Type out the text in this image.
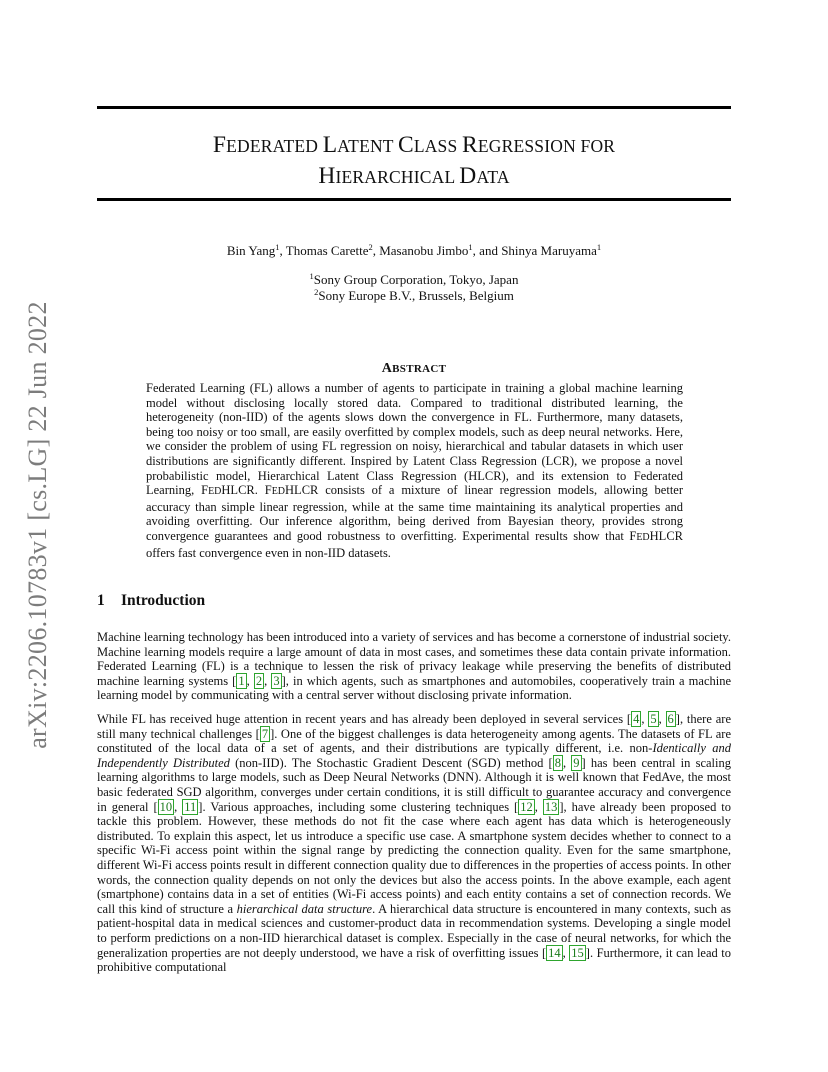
arXiv:2206.10783v1 [cs.LG] 22 Jun 2022
FEDERATED LATENT CLASS REGRESSION FOR
HIERARCHICAL DATA
Bin Yang$^1$, Thomas Carette$^2$, Masanobu Jimbo$^1$, and Shinya Maruyama$^1$
$^1$Sony Group Corporation, Tokyo, Japan
$^2$Sony Europe B.V., Brussels, Belgium
ABSTRACT

Federated Learning (FL) allows a number of agents to participate in training a global machine learning model without disclosing locally stored data. Compared to traditional distributed learning, the heterogeneity (non-IID) of the agents slows down the convergence in FL. Furthermore, many datasets, being too noisy or too small, are easily overfitted by complex models, such as deep neural networks. Here, we consider the problem of using FL regression on noisy, hierarchical and tabular datasets in which user distributions are significantly different. Inspired by Latent Class Regression (LCR), we propose a novel probabilistic model, Hierarchical Latent Class Regression (HLCR), and its extension to Federated Learning, FEDHLCR. FEDHLCR consists of a mixture of linear regression models, allowing better accuracy than simple linear regression, while at the same time maintaining its analytical properties and avoiding overfitting. Our inference algorithm, being derived from Bayesian theory, provides strong convergence guarantees and good robustness to overfitting. Experimental results show that FEDHLCR offers fast convergence even in non-IID datasets.

1 Introduction

Machine learning technology has been introduced into a variety of services and has become a cornerstone of industrial society. Machine learning models require a large amount of data in most cases, and sometimes these data contain private information. Federated Learning (FL) is a technique to lessen the risk of privacy leakage while preserving the benefits of distributed machine learning systems [ 1 , 2 , 3 ], in which agents, such as smartphones and automobiles, cooperatively train a machine learning model by communicating with a central server without disclosing private information.

While FL has received huge attention in recent years and has already been deployed in several services [ 4 , 5 , 6 ], there are still many technical challenges [ 7 ]. One of the biggest challenges is data heterogeneity among agents. The datasets of FL are constituted of the local data of a set of agents, and their distributions are typically different, i.e. non-Identically and Independently Distributed (non-IID). The Stochastic Gradient Descent (SGD) method [ 8 , 9 ] has been central in scaling learning algorithms to large models, such as Deep Neural Networks (DNN). Although it is well known that FedAve, the most basic federated SGD algorithm, converges under certain conditions, it is still difficult to guarantee accuracy and convergence in general [ 10 , 11 ]. Various approaches, including some clustering techniques [ 12 , 13 ], have already been proposed to tackle this problem. However, these methods do not fit the case where each agent has data which is heterogeneously distributed. To explain this aspect, let us introduce a specific use case. A smartphone system decides whether to connect to a specific Wi-Fi access point within the signal range by predicting the connection quality. Even for the same smartphone, different Wi-Fi access points result in different connection quality due to differences in the properties of access points. In other words, the connection quality depends on not only the devices but also the access points. In the above example, each agent (smartphone) contains data in a set of entities (Wi-Fi access points) and each entity contains a set of connection records. We call this kind of structure a hierarchical data structure. A hierarchical data structure is encountered in many contexts, such as patient-hospital data in medical sciences and customer-product data in recommendation systems. Developing a single model to perform predictions on a non-IID hierarchical dataset is complex. Especially in the case of neural networks, for which the generalization properties are not deeply understood, we have a risk of overfitting issues [ 14 , 15 ]. Furthermore, it can lead to prohibitive computational
